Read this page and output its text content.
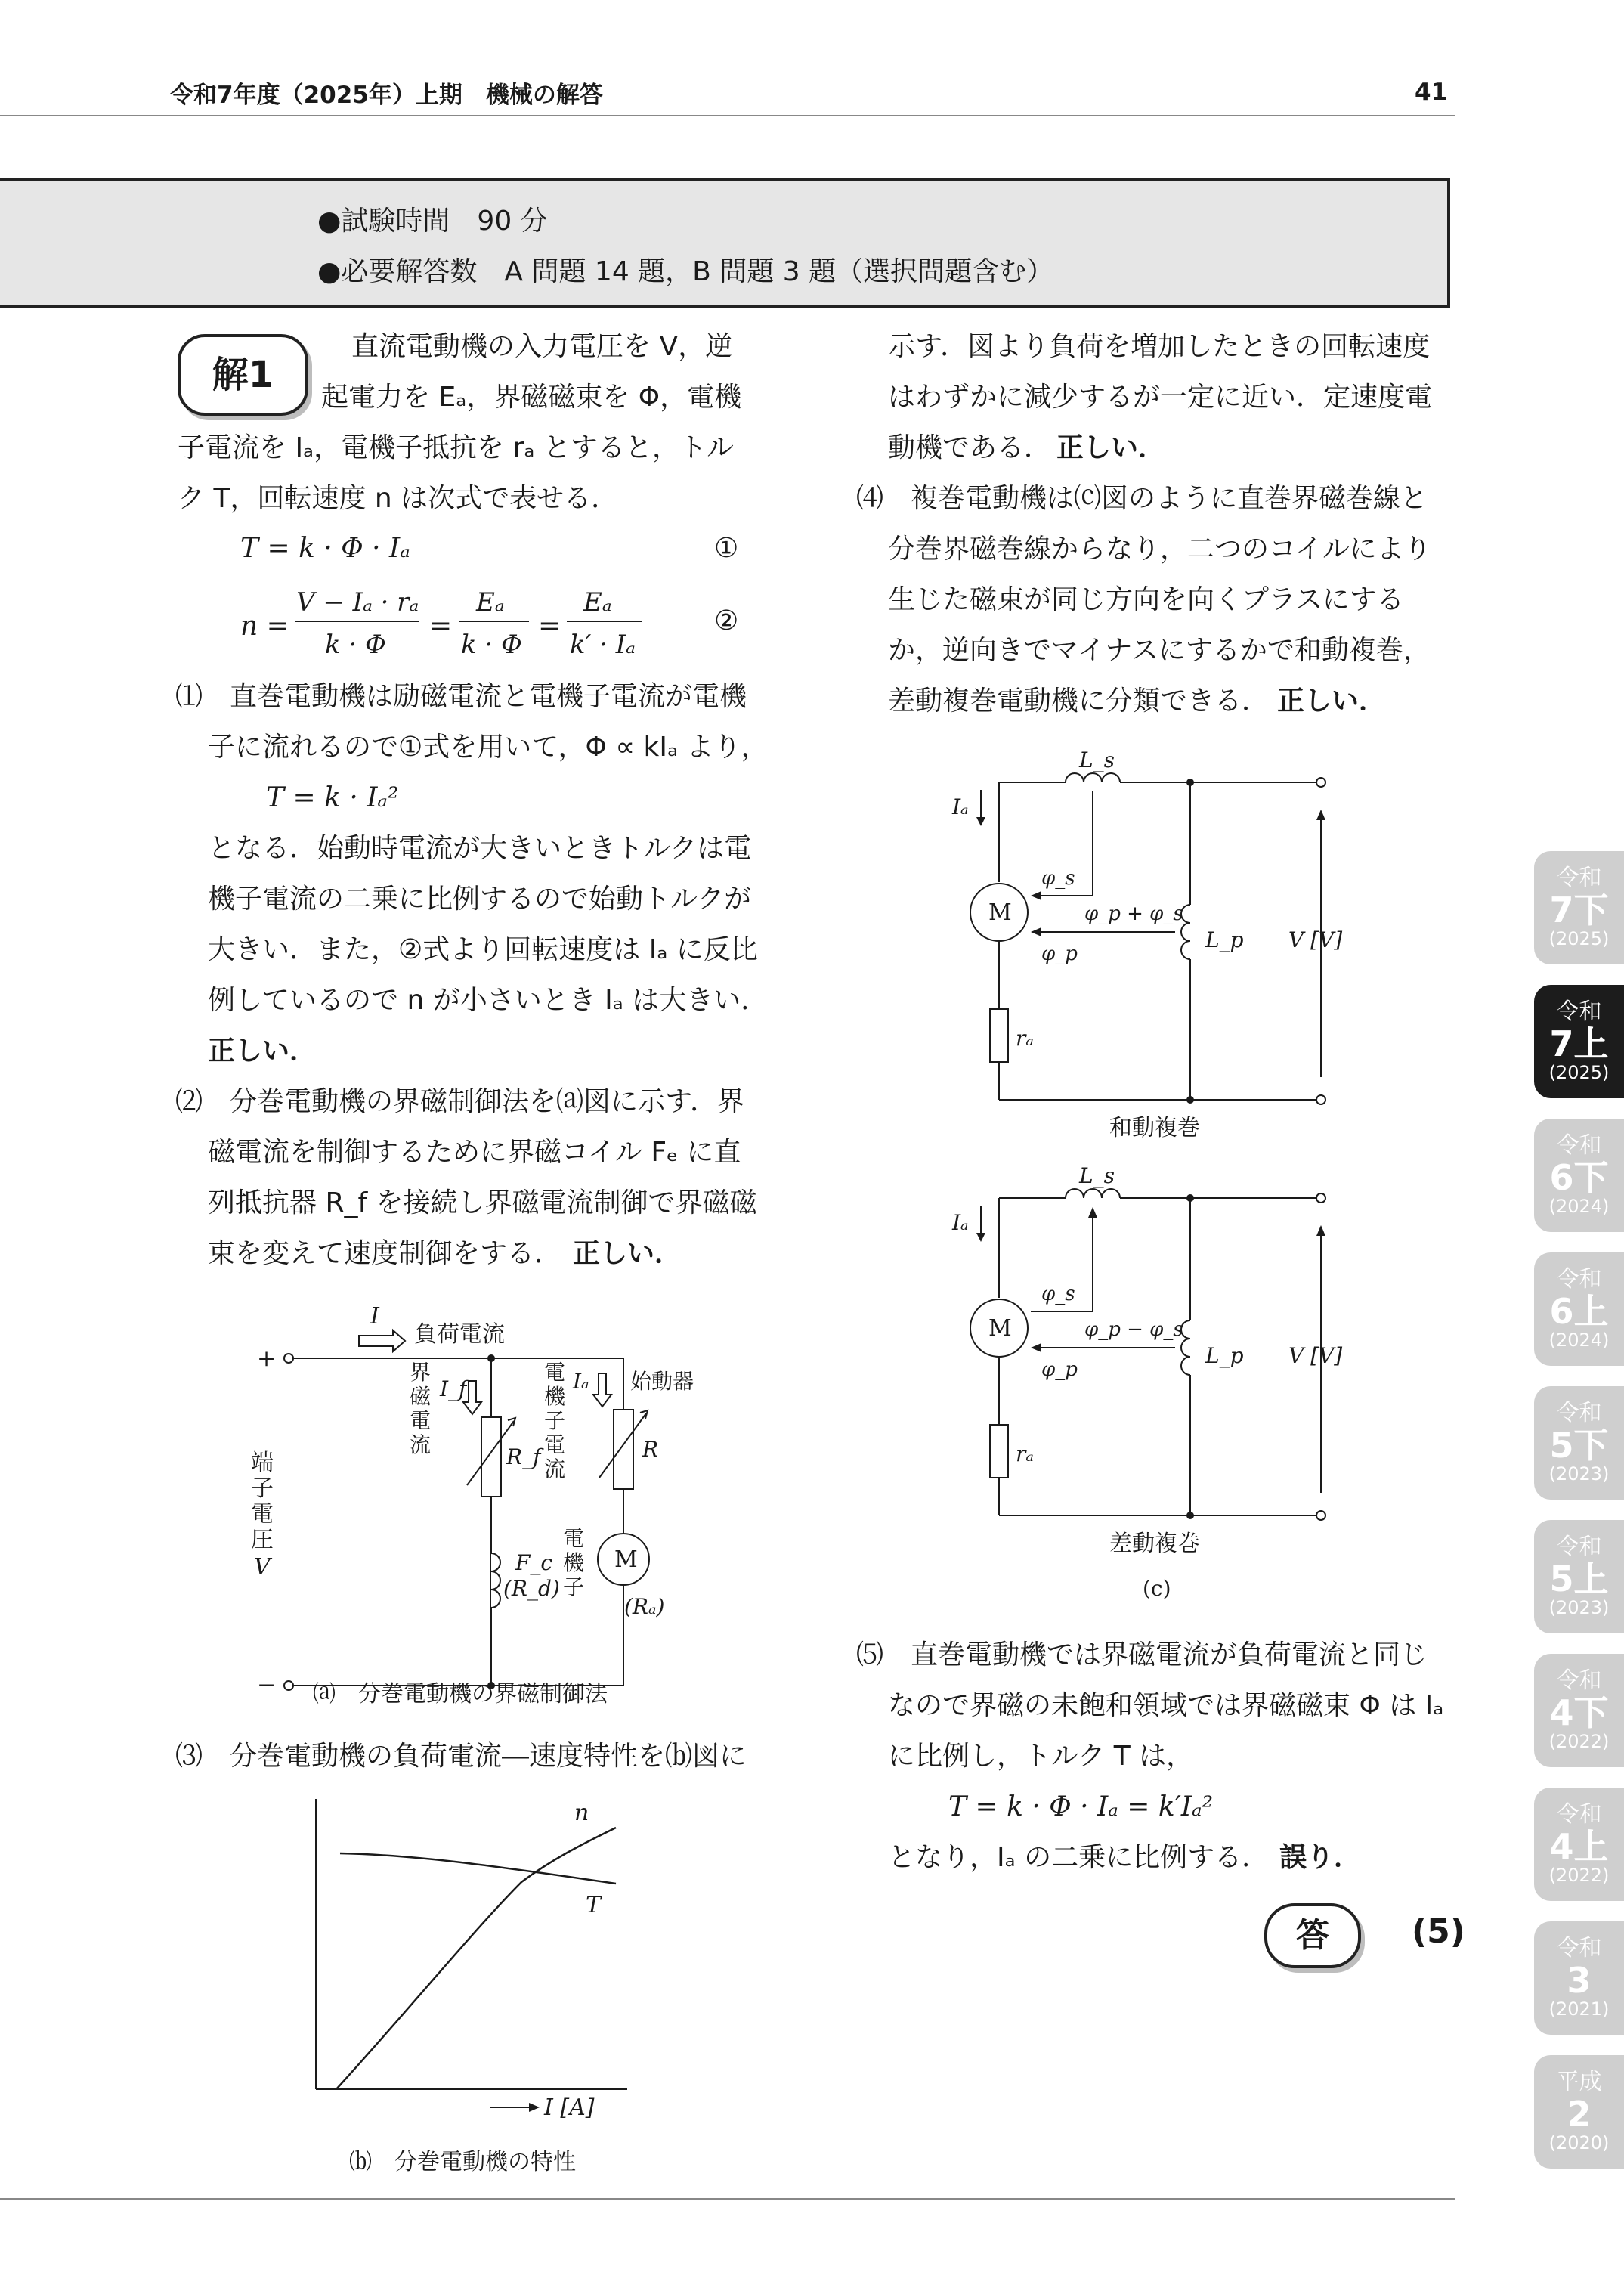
令和7年度（2025年）上期　機械の解答	41
●試験時間　90 分
●必要解答数　A 問題 14 題，B 問題 3 題（選択問題含む）
解1
直流電動機の入力電圧を V，逆
起電力を Eₐ，界磁磁束を Φ，電機
子電流を Iₐ，電機子抵抗を rₐ とすると，トル
ク T，回転速度 n は次式で表せる．
T = k · Φ · Iₐ	①
n =
V − Iₐ · rₐ
k · Φ
=
Eₐ
k · Φ
=
Eₐ
k′ · Iₐ
②
⑴　直巻電動機は励磁電流と電機子電流が電機
子に流れるので①式を用いて，Φ ∝ kIₐ より，
T = k · Iₐ²
となる．始動時電流が大きいときトルクは電
機子電流の二乗に比例するので始動トルクが
大きい．また，②式より回転速度は Iₐ に反比
例しているので n が小さいとき Iₐ は大きい．
正しい．
⑵　分巻電動機の界磁制御法を⒜図に示す．界
磁電流を制御するために界磁コイル Fₑ に直
列抵抗器 R_f を接続し界磁電流制御で界磁磁
束を変えて速度制御をする． 正しい．
+
I
負荷電流
I_f
界
磁
電
流	R_f
F_c
(R_d)
M
Iₐ
電
機
子
電
流
始動器
R
電
機
子
(Rₐ)
−
端
子
電
圧
V
⒜　分巻電動機の界磁制御法
⑶　分巻電動機の負荷電流―速度特性を⒝図に
n
T
I [A]
⒝　分巻電動機の特性
示す．図より負荷を増加したときの回転速度
はわずかに減少するが一定に近い．定速度電
動機である． 正しい．
⑷　複巻電動機は⒞図のように直巻界磁巻線と
分巻界磁巻線からなり，二つのコイルにより
生じた磁束が同じ方向を向くプラスにする
か，逆向きでマイナスにするかで和動複巻，
差動複巻電動機に分類できる． 正しい．
L_s
M
rₐ
L_p V [V]
Iₐ
φ_s
φ_p + φ_s
φ_p
和動複巻
L_s
M
rₐ
L_p V [V]
Iₐ
φ_s
φ_p − φ_s
φ_p
差動複巻
(c)
⑸　直巻電動機では界磁電流が負荷電流と同じ
なので界磁の未飽和領域では界磁磁束 Φ は Iₐ
に比例し，トルク T は，
T = k · Φ · Iₐ = k′Iₐ²
となり，Iₐ の二乗に比例する． 誤り．
答	(5)
令和
7下
(2025)
令和
7上
(2025)
令和
6下
(2024)
令和
6上
(2024)
令和
5下
(2023)
令和
5上
(2023)
令和
4下
(2022)
令和
4上
(2022)
令和
3
(2021)
平成
2
(2020)
